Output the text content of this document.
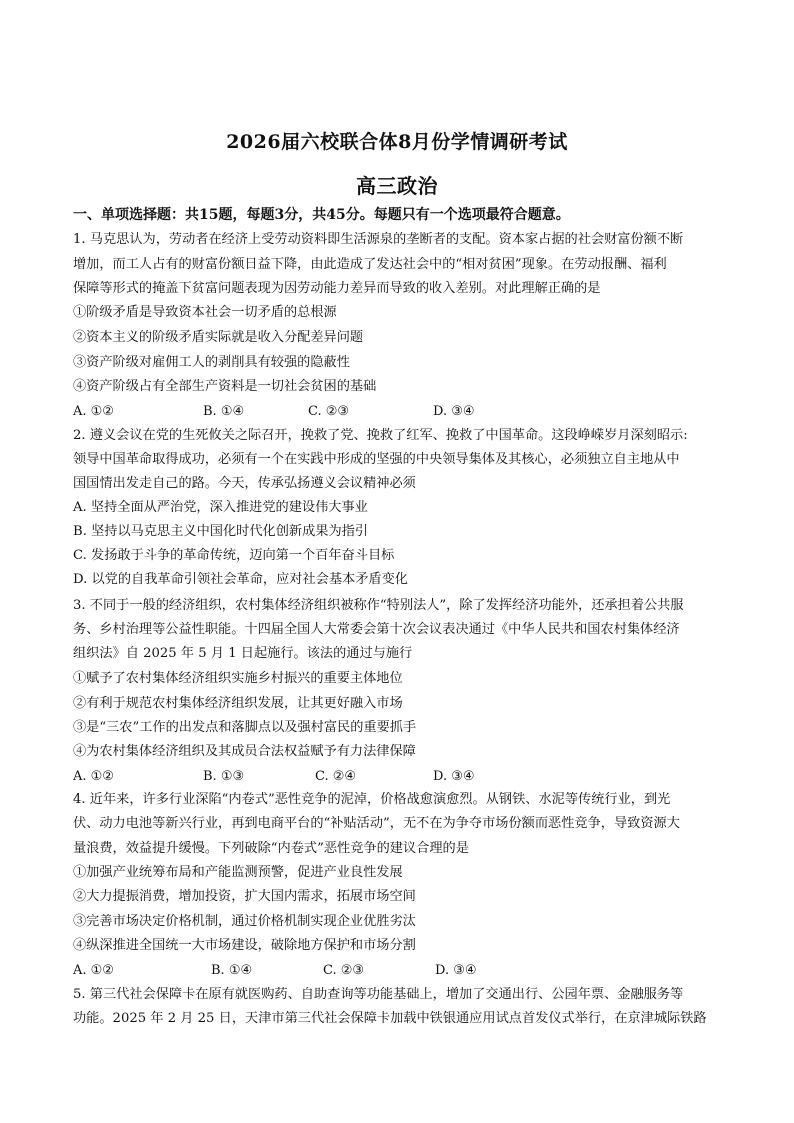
2026届六校联合体8月份学情调研考试
高三政治
一、单项选择题：共15题，每题3分，共45分。每题只有一个选项最符合题意。
1. 马克思认为，劳动者在经济上受劳动资料即生活源泉的垄断者的支配。资本家占据的社会财富份额不断
增加，而工人占有的财富份额日益下降，由此造成了发达社会中的“相对贫困”现象。在劳动报酬、福利
保障等形式的掩盖下贫富问题表现为因劳动能力差异而导致的收入差别。对此理解正确的是
①阶级矛盾是导致资本社会一切矛盾的总根源
②资本主义的阶级矛盾实际就是收入分配差异问题
③资产阶级对雇佣工人的剥削具有较强的隐蔽性
④资产阶级占有全部生产资料是一切社会贫困的基础
A. ①②	B. ①④	C. ②③	D. ③④
2. 遵义会议在党的生死攸关之际召开，挽救了党、挽救了红军、挽救了中国革命。这段峥嵘岁月深刻昭示:
领导中国革命取得成功，必须有一个在实践中形成的坚强的中央领导集体及其核心，必须独立自主地从中
国国情出发走自己的路。今天，传承弘扬遵义会议精神必须
A. 坚持全面从严治党，深入推进党的建设伟大事业
B. 坚持以马克思主义中国化时代化创新成果为指引
C. 发扬敢于斗争的革命传统，迈向第一个百年奋斗目标
D. 以党的自我革命引领社会革命，应对社会基本矛盾变化
3. 不同于一般的经济组织，农村集体经济组织被称作“特别法人”，除了发挥经济功能外，还承担着公共服
务、乡村治理等公益性职能。十四届全国人大常委会第十次会议表决通过《中华人民共和国农村集体经济
组织法》自 2025 年 5 月 1 日起施行。该法的通过与施行
①赋予了农村集体经济组织实施乡村振兴的重要主体地位
②有利于规范农村集体经济组织发展，让其更好融入市场
③是“三农”工作的出发点和落脚点以及强村富民的重要抓手
④为农村集体经济组织及其成员合法权益赋予有力法律保障
A. ①②	B. ①③	C. ②④	D. ③④
4. 近年来，许多行业深陷“内卷式”恶性竞争的泥淖，价格战愈演愈烈。从钢铁、水泥等传统行业，到光
伏、动力电池等新兴行业，再到电商平台的“补贴活动”，无不在为争夺市场份额而恶性竞争，导致资源大
量浪费，效益提升缓慢。下列破除“内卷式”恶性竞争的建议合理的是
①加强产业统筹布局和产能监测预警，促进产业良性发展
②大力提振消费，增加投资，扩大国内需求，拓展市场空间
③完善市场决定价格机制，通过价格机制实现企业优胜劣汰
④纵深推进全国统一大市场建设，破除地方保护和市场分割
A. ①②	B. ①④	C. ②③	D. ③④
5. 第三代社会保障卡在原有就医购药、自助查询等功能基础上，增加了交通出行、公园年票、金融服务等
功能。2025 年 2 月 25 日，天津市第三代社会保障卡加载中铁银通应用试点首发仪式举行，在京津城际铁路
